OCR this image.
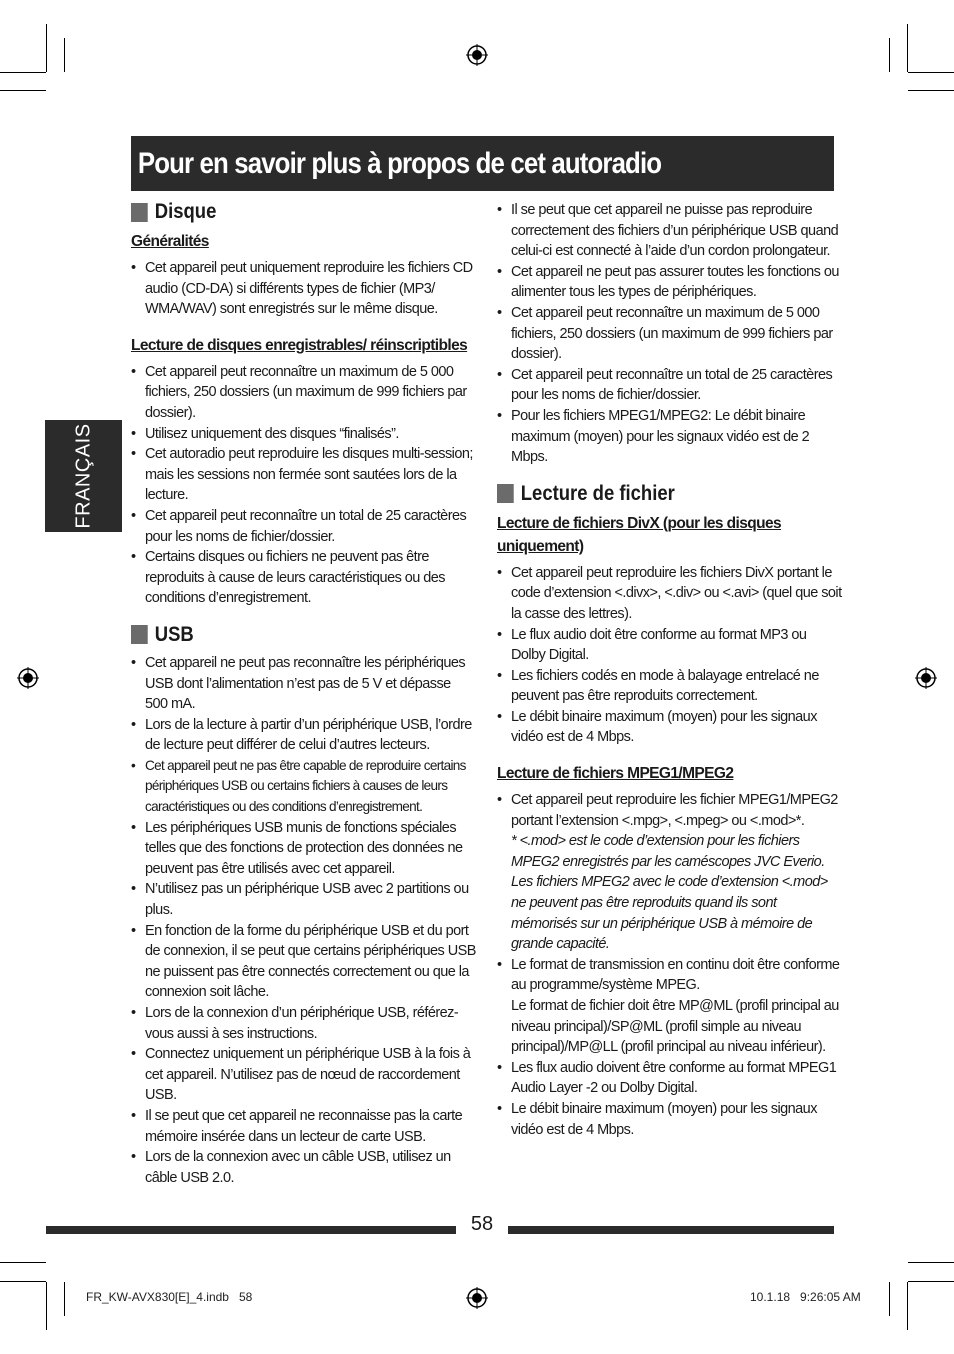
Pour en savoir plus à propos de cet autoradio
FRANÇAIS
Disque
Généralités
• Cet appareil peut uniquement reproduire les fichiers CD audio (CD-DA) si différents types de fichier (MP3/ WMA/WAV) sont enregistrés sur le même disque.
Lecture de disques enregistrables/ réinscriptibles
• Cet appareil peut reconnaître un maximum de 5 000 fichiers, 250 dossiers (un maximum de 999 fichiers par dossier).
• Utilisez uniquement des disques “finalisés”.
• Cet autoradio peut reproduire les disques multi-session; mais les sessions non fermée sont sautées lors de la lecture.
• Cet appareil peut reconnaître un total de 25 caractères pour les noms de fichier/dossier.
• Certains disques ou fichiers ne peuvent pas être reproduits à cause de leurs caractéristiques ou des conditions d’enregistrement.
USB
• Cet appareil ne peut pas reconnaître les périphériques USB dont l’alimentation n’est pas de 5 V et dépasse 500 mA.
• Lors de la lecture à partir d’un périphérique USB, l’ordre de lecture peut différer de celui d’autres lecteurs.
• Cet appareil peut ne pas être capable de reproduire certains périphériques USB ou certains fichiers à causes de leurs caractéristiques ou des conditions d’enregistrement.
• Les périphériques USB munis de fonctions spéciales telles que des fonctions de protection des données ne peuvent pas être utilisés avec cet appareil.
• N’utilisez pas un périphérique USB avec 2 partitions ou plus.
• En fonction de la forme du périphérique USB et du port de connexion, il se peut que certains périphériques USB ne puissent pas être connectés correctement ou que la connexion soit lâche.
• Lors de la connexion d’un périphérique USB, référez-vous aussi à ses instructions.
• Connectez uniquement un périphérique USB à la fois à cet appareil. N’utilisez pas de nœud de raccordement USB.
• Il se peut que cet appareil ne reconnaisse pas la carte mémoire insérée dans un lecteur de carte USB.
• Lors de la connexion avec un câble USB, utilisez un câble USB 2.0.
• Il se peut que cet appareil ne puisse pas reproduire correctement des fichiers d’un périphérique USB quand celui-ci est connecté à l’aide d’un cordon prolongateur.
• Cet appareil ne peut pas assurer toutes les fonctions ou alimenter tous les types de périphériques.
• Cet appareil peut reconnaître un maximum de 5 000 fichiers, 250 dossiers (un maximum de 999 fichiers par dossier).
• Cet appareil peut reconnaître un total de 25 caractères pour les noms de fichier/dossier.
• Pour les fichiers MPEG1/MPEG2: Le débit binaire maximum (moyen) pour les signaux vidéo est de 2 Mbps.
Lecture de fichier
Lecture de fichiers DivX (pour les disques uniquement)
• Cet appareil peut reproduire les fichiers DivX portant le code d’extension <.divx>, <.div> ou <.avi> (quel que soit la casse des lettres).
• Le flux audio doit être conforme au format MP3 ou Dolby Digital.
• Les fichiers codés en mode à balayage entrelacé ne peuvent pas être reproduits correctement.
• Le débit binaire maximum (moyen) pour les signaux vidéo est de 4 Mbps.
Lecture de fichiers MPEG1/MPEG2
• Cet appareil peut reproduire les fichier MPEG1/MPEG2 portant l’extension <.mpg>, <.mpeg> ou <.mod>*.
* <.mod> est le code d’extension pour les fichiers MPEG2 enregistrés par les caméscopes JVC Everio. Les fichiers MPEG2 avec le code d’extension <.mod> ne peuvent pas être reproduits quand ils sont mémorisés sur un périphérique USB à mémoire de grande capacité.
• Le format de transmission en continu doit être conforme au programme/système MPEG.
Le format de fichier doit être MP@ML (profil principal au niveau principal)/SP@ML (profil simple au niveau principal)/MP@LL (profil principal au niveau inférieur).
• Les flux audio doivent être conforme au format MPEG1 Audio Layer -2 ou Dolby Digital.
• Le débit binaire maximum (moyen) pour les signaux vidéo est de 4 Mbps.
58
FR_KW-AVX830[E]_4.indb   58	10.1.18   9:26:05 AM
